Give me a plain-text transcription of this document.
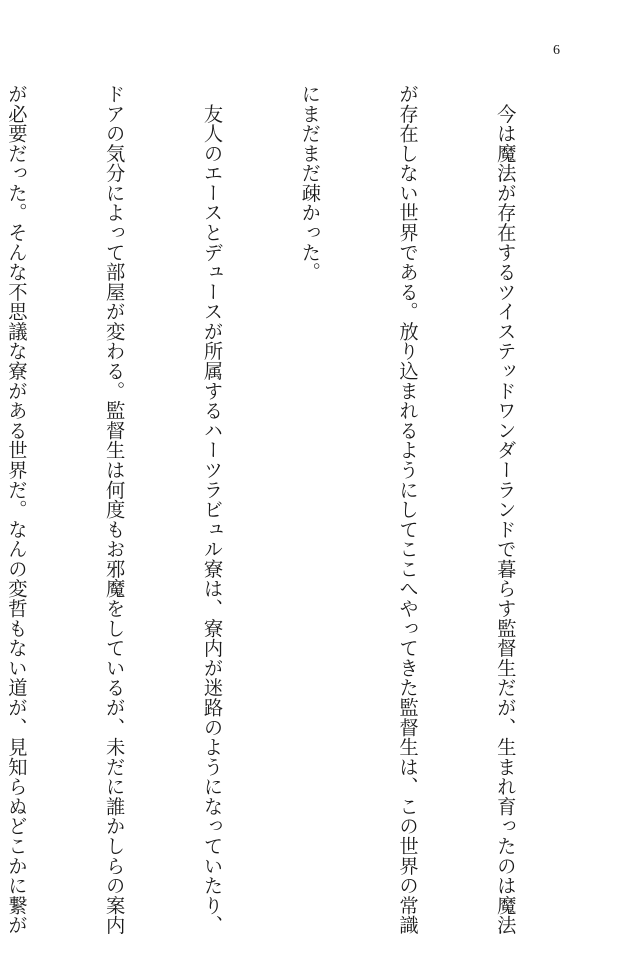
6

　今は魔法が存在するツイステッドワンダーランドで暮らす監督生だが、生まれ育ったのは魔法

が存在しない世界である。放り込まれるようにしてここへやってきた監督生は、この世界の常識

にまだまだ疎かった。

　友人のエースとデュースが所属するハーツラビュル寮は、寮内が迷路のようになっていたり、

ドアの気分によって部屋が変わる。監督生は何度もお邪魔をしているが、未だに誰かしらの案内

が必要だった。そんな不思議な寮がある世界だ。なんの変哲もない道が、見知らぬどこかに繋が
